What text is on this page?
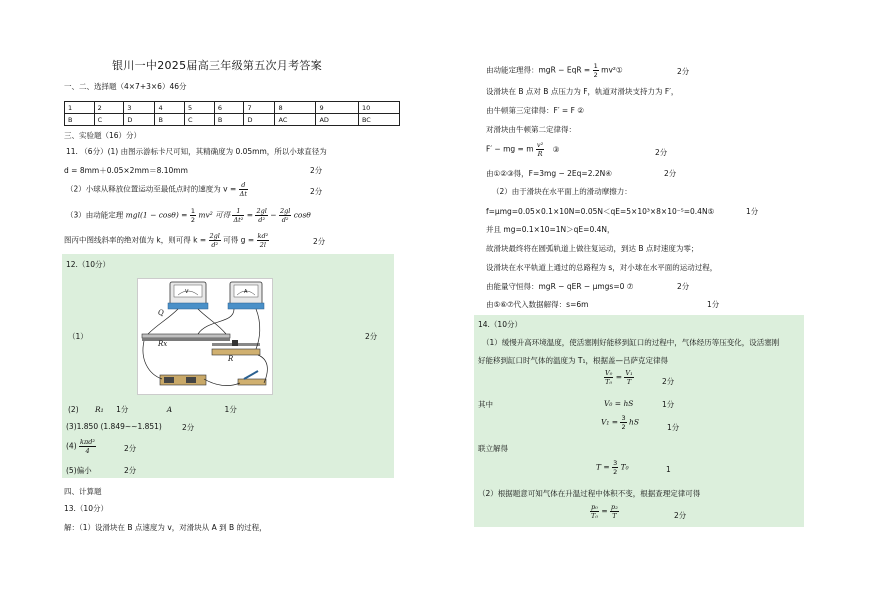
银川一中2025届高三年级第五次月考答案
一、二、选择题（4×7+3×6）46分
1	2	3	4	5	6	7	8	9	10
B	C	D	B	C	B	D	AC	AD	BC
三、实验题（16）分）
11. （6分）(1) 由图示游标卡尺可知，其精确度为 0.05mm，所以小球直径为
d = 8mm＋0.05×2mm＝8.10mm	2分
（2）小球从释放位置运动至最低点时的速度为 $v = \frac{d}{\Delta t}$	2分
（3）由动能定理 $mgl(1 - \cos\theta) = \frac{1}{2} mv^2$ 可得 $\frac{1}{\text{Δt²}} = \frac{2gl}{\text{d²}} - \frac{2gl}{\text{d²}}$ cosθ
图丙中图线斜率的绝对值为 k，则可得 $k = \frac{2gl}{\text{d²}}$ 可得 $g = \frac{\text{kd²}}{2l}$	2分
12.（10分）
Q
Rx
R
V	A
（1）	2分
(2) R₁ 1分	A	1分
(3)1.850 (1.849~~1.851)	2分
$(4) \frac{\text{kπd²}}{4}$	2分
(5)偏小	2分
四、计算题
13.（10分）
解：（1）设滑块在 B 点速度为 v，对滑块从 A 到 B 的过程，
由动能定理得：mgR − EqR = $\frac{1}{2}$ mv²①	2分
设滑块在 B 点对 B 点压力为 F，轨道对滑块支持力为 F′，
由牛顿第三定律得：F′ = F ②
对滑块由牛顿第二定律得：
F′ − mg = m $\frac{\text{v²}}{R}$ ③	2分
由①②③得，F=3mg − 2Eq=2.2N④	2分
（2）由于滑块在水平面上的滑动摩擦力：
f=μmg=0.05×0.1×10N=0.05N＜qE=5×10³×8×10⁻⁵=0.4N⑤	1分
并且 mg=0.1×10=1N＞qE=0.4N，
故滑块最终将在圆弧轨道上做往复运动，到达 B 点时速度为零；
设滑块在水平轨道上通过的总路程为 s，对小球在水平面的运动过程，
由能量守恒得：mgR − qER − μmgs=0 ⑦	2分
由⑤⑥⑦代入数据解得：s=6m	1分
14.（10分）
（1）缓慢升高环境温度，使活塞刚好能移到缸口的过程中，气体经历等压变化，设活塞刚
好能移到缸口时气体的温度为 T₁，根据盖—吕萨克定律得
$\frac{\text{V₀}}{\text{T₀}} = \frac{\text{V₁}}{T}$	2分
其中	V₀ = hS	1分
$V_1 = \frac{3}{2}$ hS
1分
联立解得
$T = \frac{3}{2} T_0$	1
（2）根据题意可知气体在升温过程中体积不变，根据查理定律可得
$\frac{\text{p₀}}{\text{T₀}} = \frac{\text{p₂}}{T}$	2分
